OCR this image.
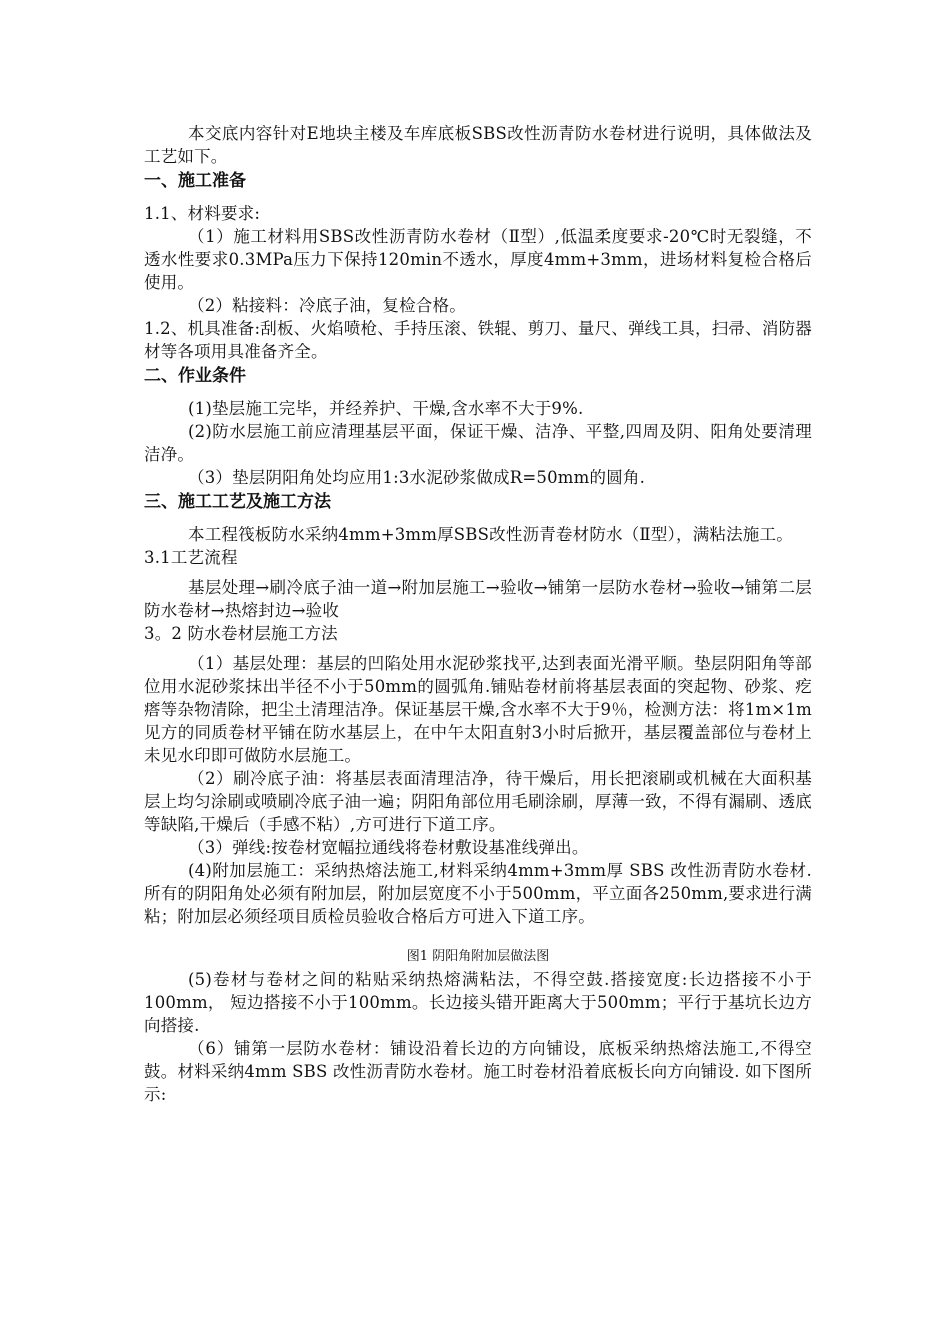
本交底内容针对E地块主楼及车库底板SBS改性沥青防水卷材进行说明，具体做法及工艺如下。

一、施工准备

1.1、材料要求:

（1）施工材料用SBS改性沥青防水卷材（Ⅱ型）,低温柔度要求-20℃时无裂缝，不透水性要求0.3MPa压力下保持120min不透水，厚度4mm+3mm，进场材料复检合格后使用。

（2）粘接料：冷底子油，复检合格。

1.2、机具准备:刮板、火焰喷枪、手持压滚、铁辊、剪刀、量尺、弹线工具，扫帚、消防器材等各项用具准备齐全。

二、作业条件

(1)垫层施工完毕，并经养护、干燥,含水率不大于9%.

(2)防水层施工前应清理基层平面，保证干燥、洁净、平整,四周及阴、阳角处要清理洁净。

（3）垫层阴阳角处均应用1:3水泥砂浆做成R=50mm的圆角.

三、施工工艺及施工方法

本工程筏板防水采纳4mm+3mm厚SBS改性沥青卷材防水（Ⅱ型），满粘法施工。

3.1工艺流程

基层处理→刷冷底子油一道→附加层施工→验收→铺第一层防水卷材→验收→铺第二层防水卷材→热熔封边→验收

3。2 防水卷材层施工方法

（1）基层处理：基层的凹陷处用水泥砂浆找平,达到表面光滑平顺。垫层阴阳角等部位用水泥砂浆抹出半径不小于50mm的圆弧角.铺贴卷材前将基层表面的突起物、砂浆、疙瘩等杂物清除，把尘土清理洁净。保证基层干燥,含水率不大于9％，检测方法：将1m×1m见方的同质卷材平铺在防水基层上，在中午太阳直射3小时后掀开，基层覆盖部位与卷材上未见水印即可做防水层施工。

（2）刷冷底子油：将基层表面清理洁净，待干燥后，用长把滚刷或机械在大面积基层上均匀涂刷或喷刷冷底子油一遍；阴阳角部位用毛刷涂刷，厚薄一致，不得有漏刷、透底等缺陷,干燥后（手感不粘）,方可进行下道工序。

（3）弹线:按卷材宽幅拉通线将卷材敷设基准线弹出。

(4)附加层施工：采纳热熔法施工,材料采纳4mm+3mm厚 SBS 改性沥青防水卷材.所有的阴阳角处必须有附加层，附加层宽度不小于500mm，平立面各250mm,要求进行满粘；附加层必须经项目质检员验收合格后方可进入下道工序。

图1 阴阳角附加层做法图

(5)卷材与卷材之间的粘贴采纳热熔满粘法，不得空鼓.搭接宽度:长边搭接不小于100mm， 短边搭接不小于100mm。长边接头错开距离大于500mm；平行于基坑长边方向搭接.

（6）铺第一层防水卷材：铺设沿着长边的方向铺设，底板采纳热熔法施工,不得空鼓。材料采纳4mm SBS 改性沥青防水卷材。施工时卷材沿着底板长向方向铺设. 如下图所示:
